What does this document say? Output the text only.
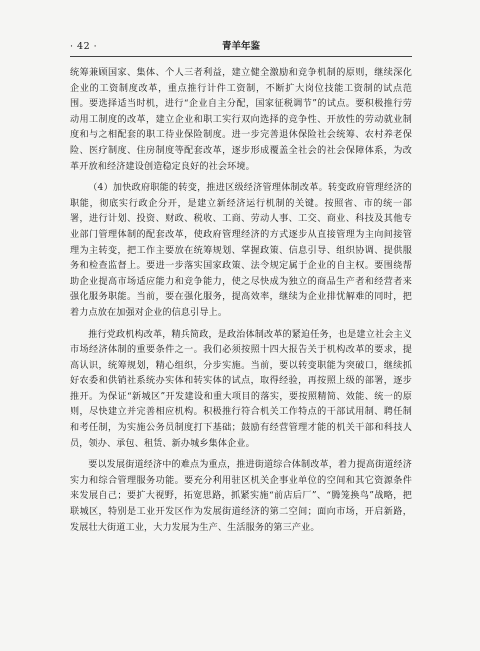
· 42 ·	青羊年鉴

统筹兼顾国家、集体、个人三者利益，建立健全激励和竞争机制的原则，继续深化企业的工资制度改革，重点推行计件工资制，不断扩大岗位技能工资制的试点范围。要选择适当时机，进行“企业自主分配，国家征税调节”的试点。要积极推行劳动用工制度的改革，建立企业和职工实行双向选择的竞争性、开放性的劳动就业制度和与之相配套的职工待业保险制度。进一步完善退休保险社会统筹、农村养老保险、医疗制度、住房制度等配套改革，逐步形成覆盖全社会的社会保障体系，为改革开放和经济建设创造稳定良好的社会环境。

（4）加快政府职能的转变，推进区级经济管理体制改革。转变政府管理经济的职能，彻底实行政企分开，是建立新经济运行机制的关键。按照省、市的统一部署，进行计划、投资、财政、税收、工商、劳动人事、工交、商业、科技及其他专业部门管理体制的配套改革，使政府管理经济的方式逐步从直接管理为主向间接管理为主转变，把工作主要放在统筹规划、掌握政策、信息引导、组织协调、提供服务和检查监督上。要进一步落实国家政策、法令规定属于企业的自主权。要围绕帮助企业提高市场适应能力和竞争能力，使之尽快成为独立的商品生产者和经营者来强化服务职能。当前，要在强化服务，提高效率，继续为企业排忧解难的同时，把着力点放在加强对企业的信息引导上。

推行党政机构改革，精兵简政，是政治体制改革的紧迫任务，也是建立社会主义市场经济体制的重要条件之一。我们必须按照十四大报告关于机构改革的要求，提高认识，统筹规划，精心组织，分步实施。当前，要以转变职能为突破口，继续抓好农委和供销社系统办实体和转实体的试点，取得经验，再按照上级的部署，逐步推开。为保证“新城区”开发建设和重大项目的落实，要按照精简、效能、统一的原则，尽快建立并完善相应机构。积极推行符合机关工作特点的干部试用制、聘任制和考任制，为实施公务员制度打下基础；鼓励有经营管理才能的机关干部和科技人员，领办、承包、租赁、新办城乡集体企业。

要以发展街道经济中的难点为重点，推进街道综合体制改革，着力提高街道经济实力和综合管理服务功能。要充分利用驻区机关企事业单位的空间和其它资源条件来发展自己；要扩大视野，拓宽思路，抓紧实施“前店后厂”、“腾笼换鸟”战略，把联城区，特别是工业开发区作为发展街道经济的第二空间；面向市场，开启新路，发展壮大街道工业，大力发展为生产、生活服务的第三产业。
